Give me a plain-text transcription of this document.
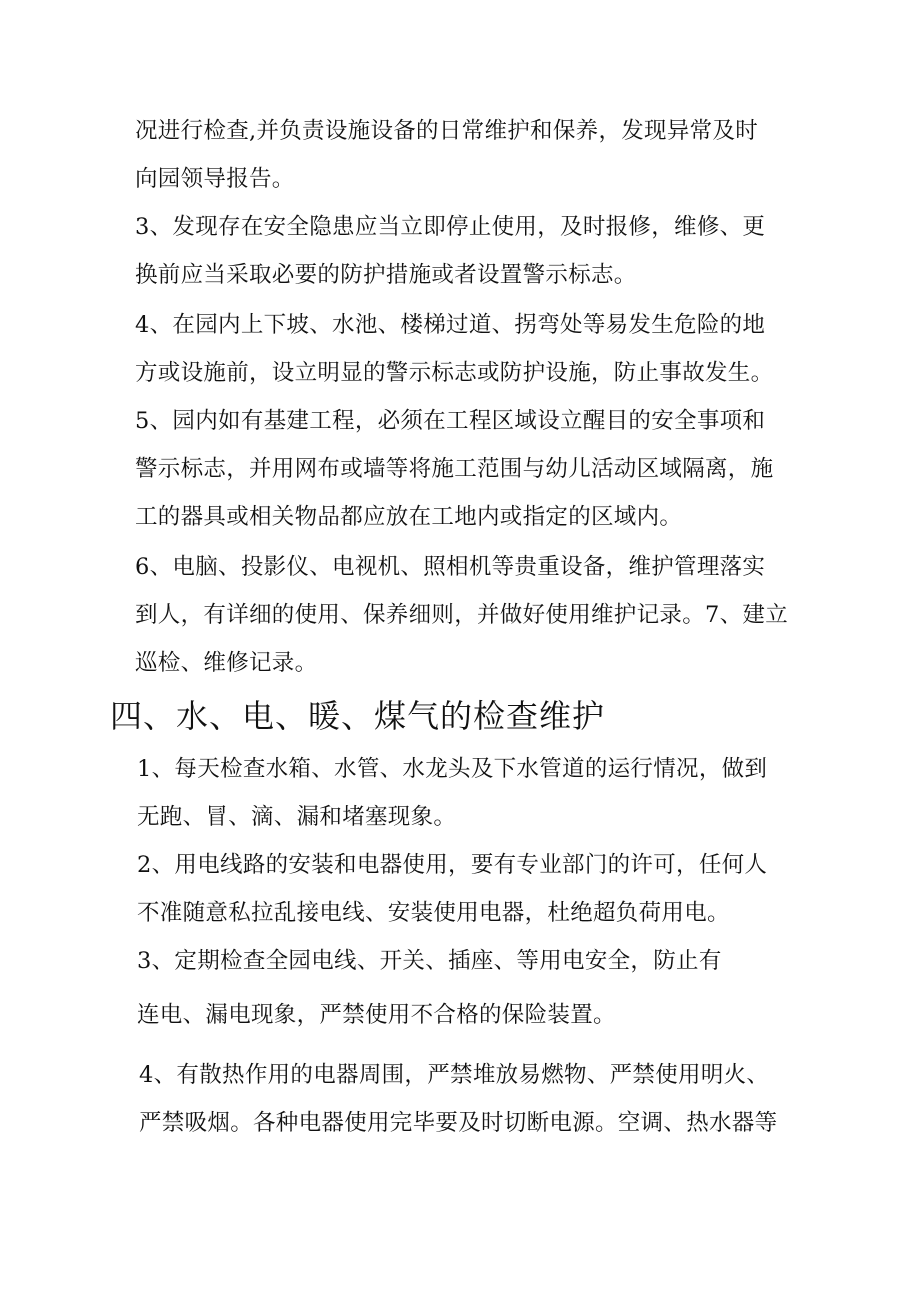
况进行检查,并负责设施设备的日常维护和保养，发现异常及时
向园领导报告。
3、发现存在安全隐患应当立即停止使用，及时报修，维修、更
换前应当采取必要的防护措施或者设置警示标志。
4、在园内上下坡、水池、楼梯过道、拐弯处等易发生危险的地
方或设施前，设立明显的警示标志或防护设施，防止事故发生。
5、园内如有基建工程，必须在工程区域设立醒目的安全事项和
警示标志，并用网布或墙等将施工范围与幼儿活动区域隔离，施
工的器具或相关物品都应放在工地内或指定的区域内。
6、电脑、投影仪、电视机、照相机等贵重设备，维护管理落实
到人，有详细的使用、保养细则，并做好使用维护记录。7、建立
巡检、维修记录。
四、水、电、暖、煤气的检查维护
1、每天检查水箱、水管、水龙头及下水管道的运行情况，做到
无跑、冒、滴、漏和堵塞现象。
2、用电线路的安装和电器使用，要有专业部门的许可，任何人
不准随意私拉乱接电线、安装使用电器，杜绝超负荷用电。
3、定期检查全园电线、开关、插座、等用电安全，防止有
连电、漏电现象，严禁使用不合格的保险装置。
4、有散热作用的电器周围，严禁堆放易燃物、严禁使用明火、
严禁吸烟。各种电器使用完毕要及时切断电源。空调、热水器等
